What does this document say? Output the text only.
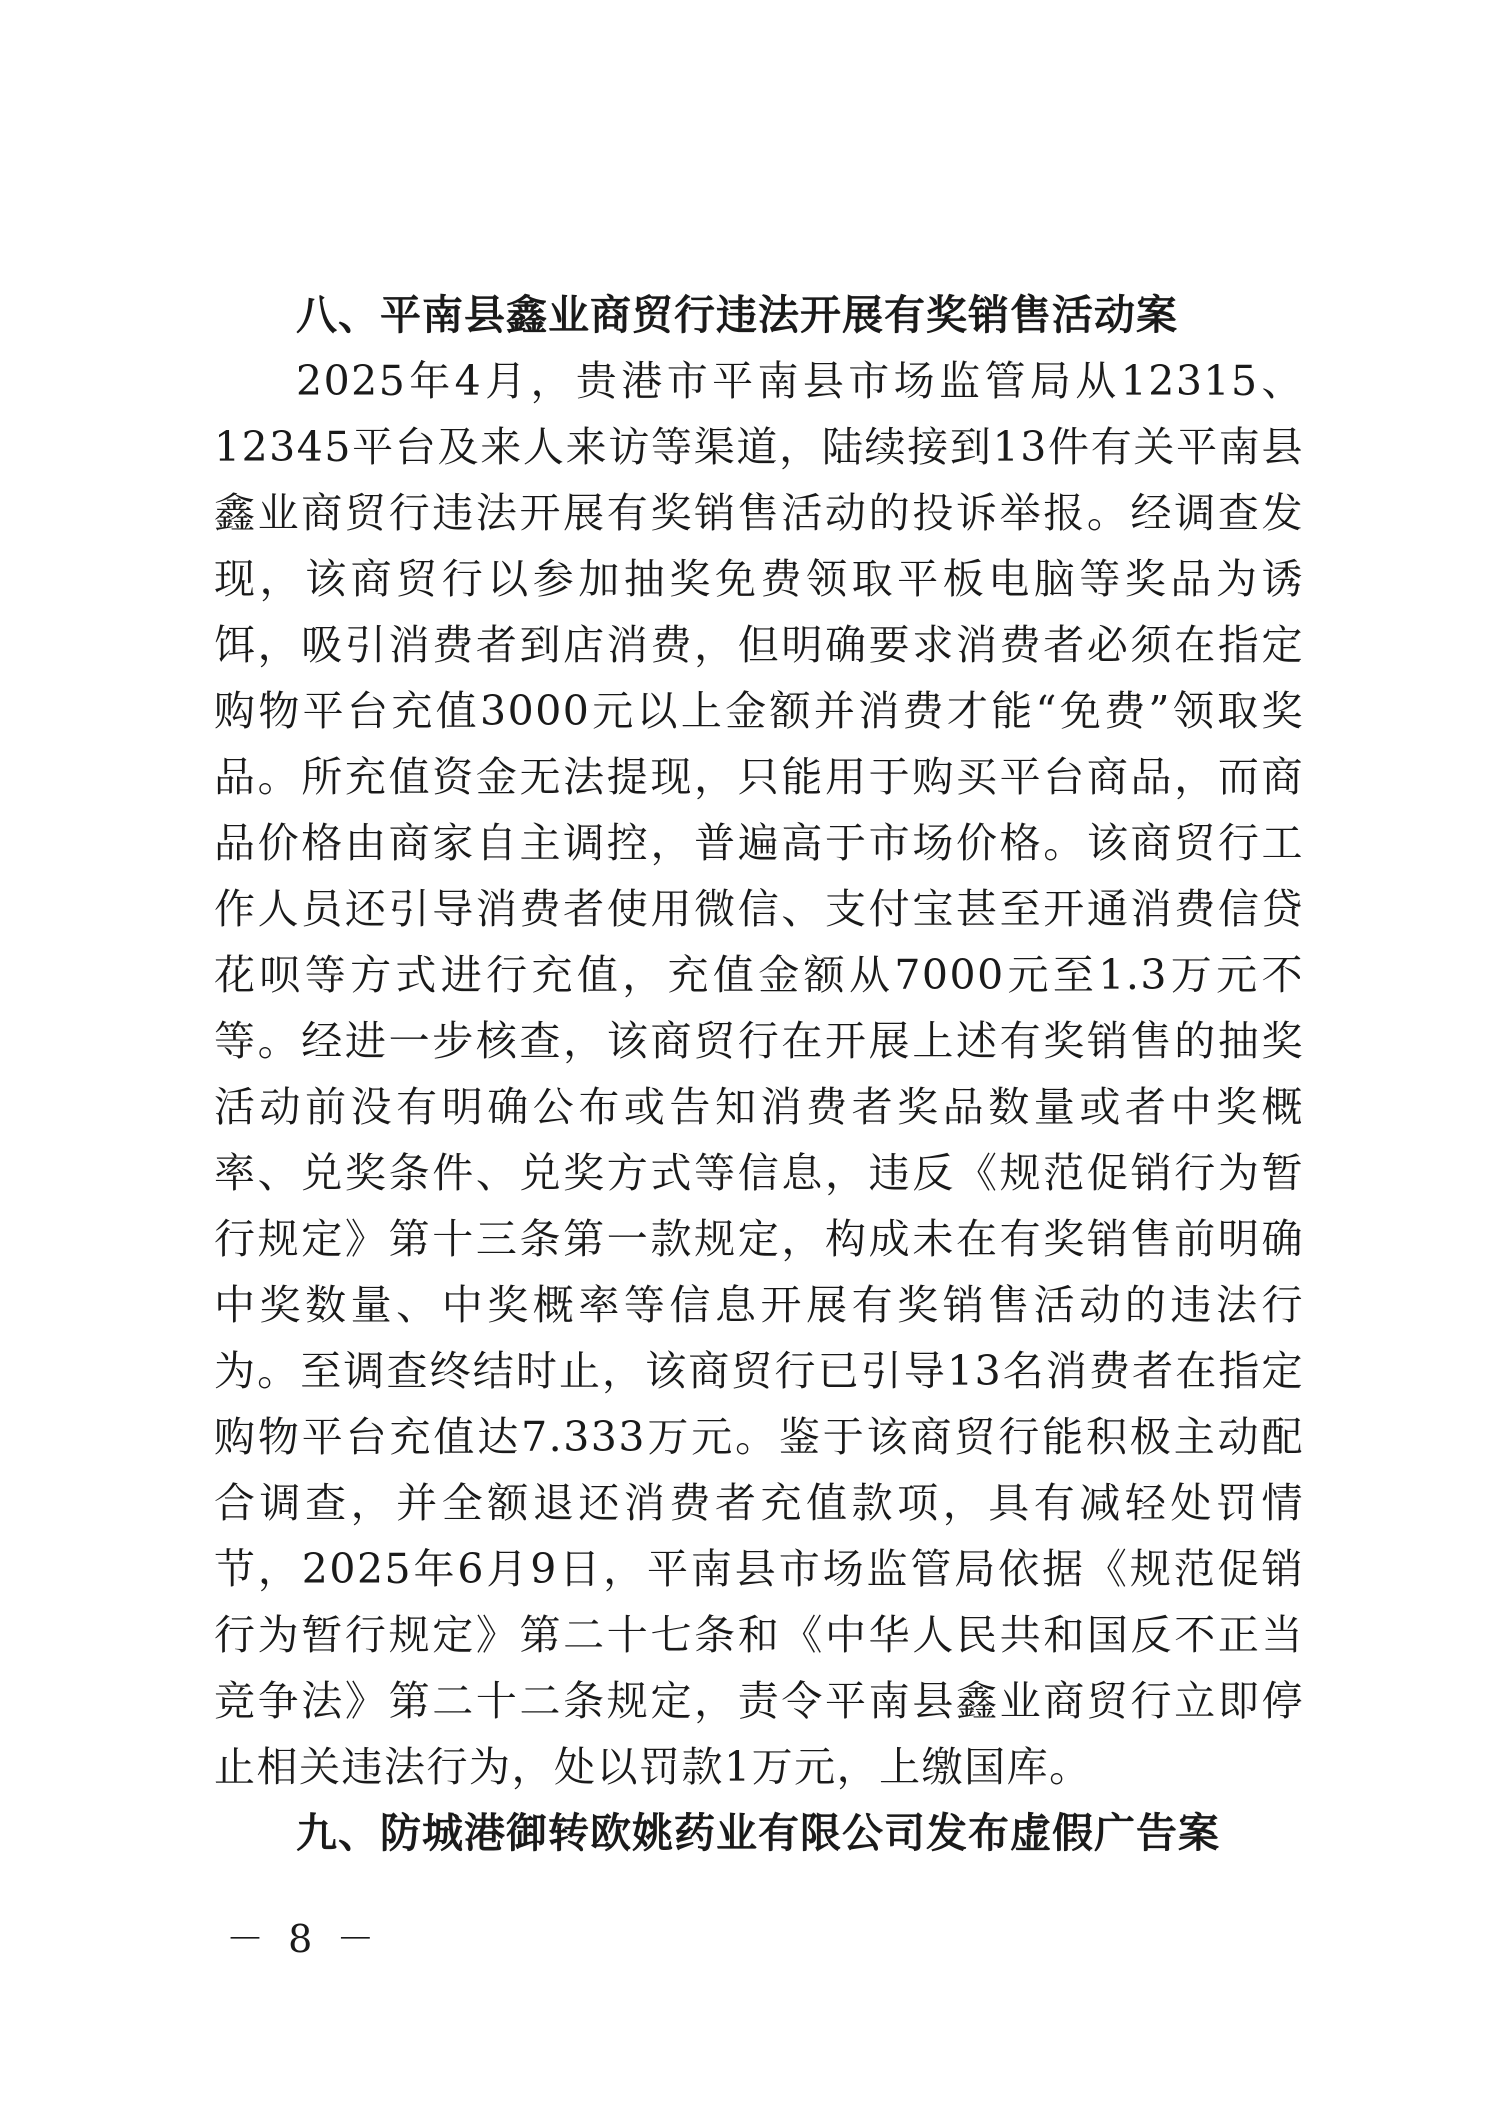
八、平南县鑫业商贸行违法开展有奖销售活动案

2025年4月，贵港市平南县市场监管局从12315、12345平台及来人来访等渠道，陆续接到13件有关平南县鑫业商贸行违法开展有奖销售活动的投诉举报。经调查发现，该商贸行以参加抽奖免费领取平板电脑等奖品为诱饵，吸引消费者到店消费，但明确要求消费者必须在指定购物平台充值3000元以上金额并消费才能“免费”领取奖品。所充值资金无法提现，只能用于购买平台商品，而商品价格由商家自主调控，普遍高于市场价格。该商贸行工作人员还引导消费者使用微信、支付宝甚至开通消费信贷花呗等方式进行充值，充值金额从7000元至1.3万元不等。经进一步核查，该商贸行在开展上述有奖销售的抽奖活动前没有明确公布或告知消费者奖品数量或者中奖概率、兑奖条件、兑奖方式等信息，违反《规范促销行为暂行规定》第十三条第一款规定，构成未在有奖销售前明确中奖数量、中奖概率等信息开展有奖销售活动的违法行为。至调查终结时止，该商贸行已引导13名消费者在指定购物平台充值达7.333万元。鉴于该商贸行能积极主动配合调查，并全额退还消费者充值款项，具有减轻处罚情节，2025年6月9日，平南县市场监管局依据《规范促销行为暂行规定》第二十七条和《中华人民共和国反不正当竞争法》第二十二条规定，责令平南县鑫业商贸行立即停止相关违法行为，处以罚款1万元，上缴国库。

九、防城港御转欧姚药业有限公司发布虚假广告案

－ 8 －
